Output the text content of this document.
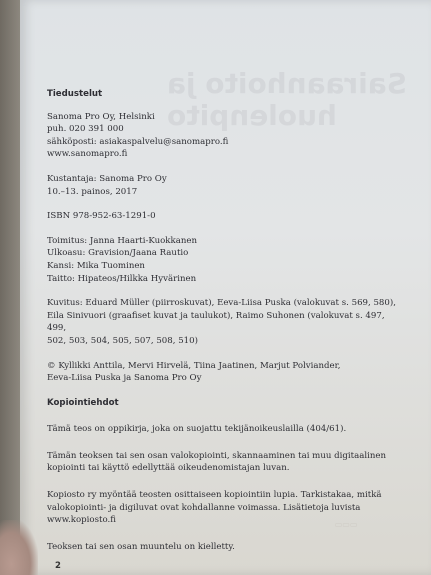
Sairaanhoito ja
huolenpito
▭▭▭

Tiedustelut

Sanoma Pro Oy, Helsinki
puh. 020 391 000
sähköposti: asiakaspalvelu@sanomapro.fi
www.sanomapro.fi

Kustantaja: Sanoma Pro Oy
10.–13. painos, 2017

ISBN 978-952-63-1291-0

Toimitus: Janna Haarti-Kuokkanen
Ulkoasu: Gravision/Jaana Rautio
Kansi: Mika Tuominen
Taitto: Hipateos/Hilkka Hyvärinen

Kuvitus: Eduard Müller (piirroskuvat), Eeva-Liisa Puska (valokuvat s. 569, 580),
Eila Sinivuori (graafiset kuvat ja taulukot), Raimo Suhonen (valokuvat s. 497, 499,
502, 503, 504, 505, 507, 508, 510)

© Kyllikki Anttila, Mervi Hirvelä, Tiina Jaatinen, Marjut Polviander,
Eeva-Liisa Puska ja Sanoma Pro Oy

Kopiointiehdot

Tämä teos on oppikirja, joka on suojattu tekijänoikeuslailla (404/61).

Tämän teoksen tai sen osan valokopiointi, skannaaminen tai muu digitaalinen
kopiointi tai käyttö edellyttää oikeudenomistajan luvan.

Kopiosto ry myöntää teosten osittaiseen kopiointiin lupia. Tarkistakaa, mitkä
valokopiointi- ja digiluvat ovat kohdallanne voimassa. Lisätietoja luvista
www.kopiosto.fi

Teoksen tai sen osan muuntelu on kielletty.

2
